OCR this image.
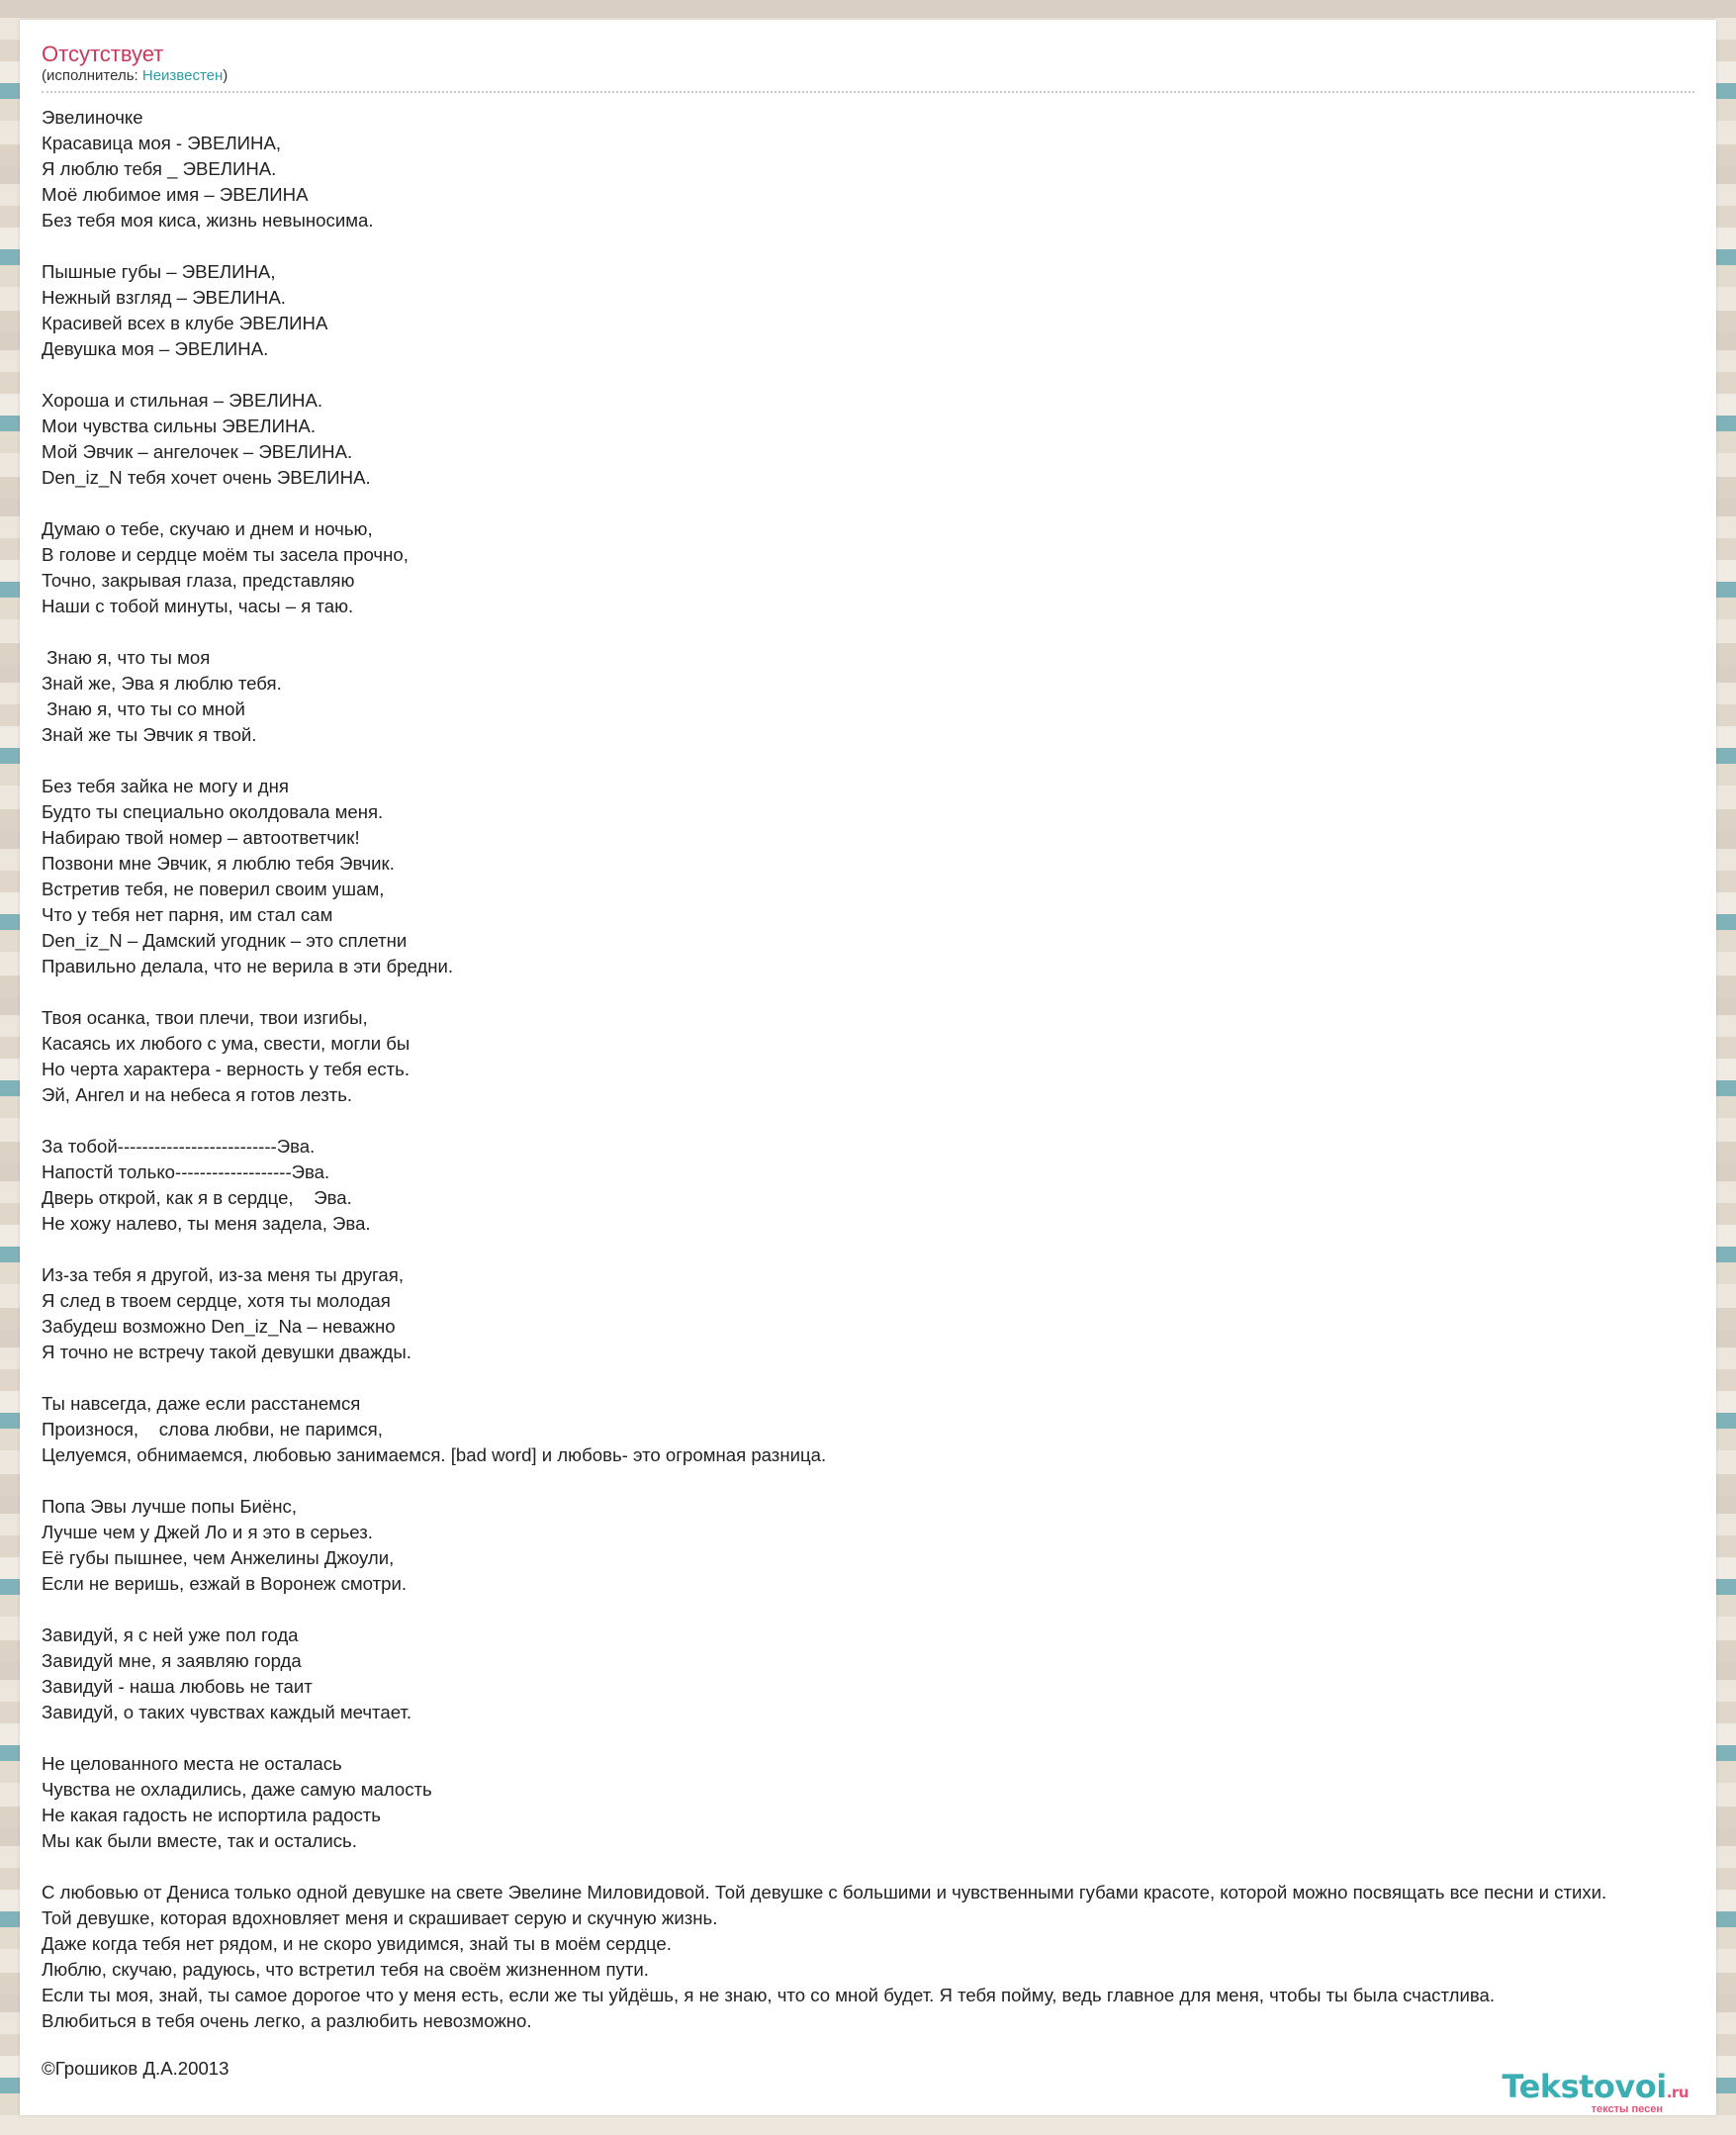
Отсутствует
(исполнитель: Неизвестен)
Эвелиночке
Красавица моя - ЭВЕЛИНА,
Я люблю тебя _ ЭВЕЛИНА.
Моё любимое имя – ЭВЕЛИНА
Без тебя моя киса, жизнь невыносима.
Пышные губы – ЭВЕЛИНА,
Нежный взгляд – ЭВЕЛИНА.
Красивей всех в клубе ЭВЕЛИНА
Девушка моя – ЭВЕЛИНА.
Хороша и стильная – ЭВЕЛИНА.
Мои чувства сильны ЭВЕЛИНА.
Мой Эвчик – ангелочек – ЭВЕЛИНА.
Den_iz_N тебя хочет очень ЭВЕЛИНА.
Думаю о тебе, скучаю и днем и ночью,
В голове и сердце моём ты засела прочно,
Точно, закрывая глаза, представляю
Наши с тобой минуты, часы – я таю.
Знаю я, что ты моя
Знай же, Эва я люблю тебя.
Знаю я, что ты со мной
Знай же ты Эвчик я твой.
Без тебя зайка не могу и дня
Будто ты специально околдовала меня.
Набираю твой номер – автоответчик!
Позвони мне Эвчик, я люблю тебя Эвчик.
Встретив тебя, не поверил своим ушам,
Что у тебя нет парня, им стал сам
Den_iz_N – Дамский угодник – это сплетни
Правильно делала, что не верила в эти бредни.
Твоя осанка, твои плечи, твои изгибы,
Касаясь их любого с ума, свести, могли бы
Но черта характера - верность у тебя есть.
Эй, Ангел и на небеса я готов лезть.
За тобой--------------------------Эва.
Напостй только-------------------Эва.
Дверь открой, как я в сердце,    Эва.
Не хожу налево, ты меня задела, Эва.
Из-за тебя я другой, из-за меня ты другая,
Я след в твоем сердце, хотя ты молодая
Забудеш возможно Den_iz_Na – неважно
Я точно не встречу такой девушки дважды.
Ты навсегда, даже если расстанемся
Произнося,    слова любви, не паримся,
Целуемся, обнимаемся, любовью занимаемся. [bad word] и любовь- это огромная разница.
Попа Эвы лучше попы Биёнс,
Лучше чем у Джей Ло и я это в серьез.
Её губы пышнее, чем Анжелины Джоули,
Если не веришь, езжай в Воронеж смотри.
Завидуй, я с ней уже пол года
Завидуй мне, я заявляю горда
Завидуй - наша любовь не таит
Завидуй, о таких чувствах каждый мечтает.
Не целованного места не осталась
Чувства не охладились, даже самую малость
Не какая гадость не испортила радость
Мы как были вместе, так и остались.
С любовью от Дениса только одной девушке на свете Эвелине Миловидовой. Той девушке с большими и чувственными губами красоте, которой можно посвящать все песни и стихи.
Той девушке, которая вдохновляет меня и скрашивает серую и скучную жизнь.
Даже когда тебя нет рядом, и не скоро увидимся, знай ты в моём сердце.
Люблю, скучаю, радуюсь, что встретил тебя на своём жизненном пути.
Если ты моя, знай, ты самое дорогое что у меня есть, если же ты уйдёшь, я не знаю, что со мной будет. Я тебя пойму, ведь главное для меня, чтобы ты была счастлива.
Влюбиться в тебя очень легко, а разлюбить невозможно.
©Грошиков Д.А.20013	Tekstovoi.ru
тексты песен
